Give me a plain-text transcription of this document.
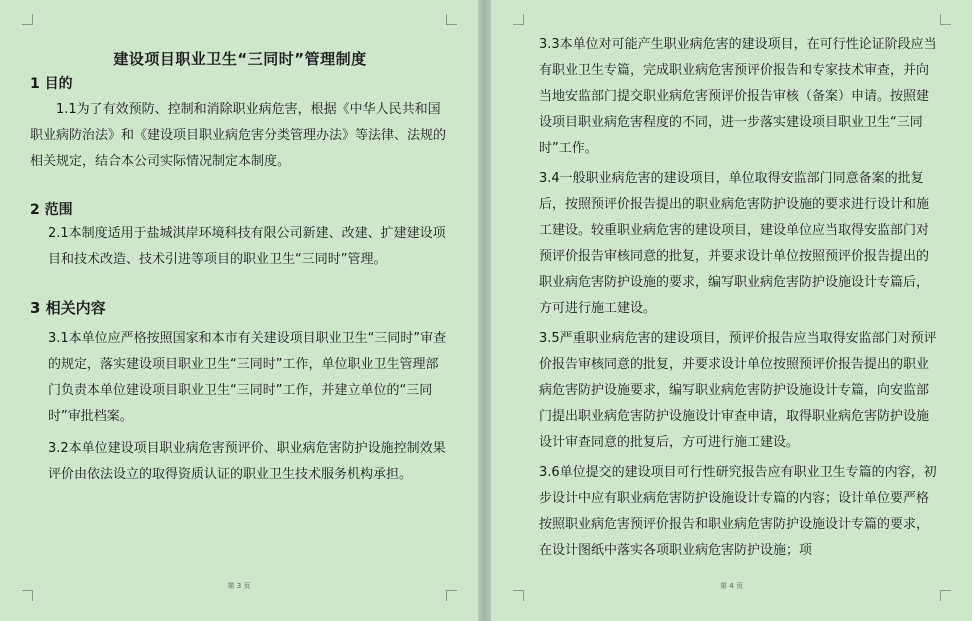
建设项目职业卫生“三同时”管理制度
1 目的

1.1为了有效预防、控制和消除职业病危害，根据《中华人民共和国职业病防治法》和《建设项目职业病危害分类管理办法》等法律、法规的相关规定，结合本公司实际情况制定本制度。

2 范围

2.1本制度适用于盐城淇岸环境科技有限公司新建、改建、扩建建设项目和技术改造、技术引进等项目的职业卫生“三同时”管理。

3 相关内容

3.1本单位应严格按照国家和本市有关建设项目职业卫生“三同时”审查的规定，落实建设项目职业卫生“三同时”工作，单位职业卫生管理部门负责本单位建设项目职业卫生“三同时”工作，并建立单位的“三同时”审批档案。

3.2本单位建设项目职业病危害预评价、职业病危害防护设施控制效果评价由依法设立的取得资质认证的职业卫生技术服务机构承担。

第 3 页

3.3本单位对可能产生职业病危害的建设项目，在可行性论证阶段应当有职业卫生专篇，完成职业病危害预评价报告和专家技术审查，并向当地安监部门提交职业病危害预评价报告审核（备案）申请。按照建设项目职业病危害程度的不同，进一步落实建设项目职业卫生“三同时”工作。

3.4一般职业病危害的建设项目，单位取得安监部门同意备案的批复后，按照预评价报告提出的职业病危害防护设施的要求进行设计和施工建设。较重职业病危害的建设项目，建设单位应当取得安监部门对预评价报告审核同意的批复，并要求设计单位按照预评价报告提出的职业病危害防护设施的要求，编写职业病危害防护设施设计专篇后，方可进行施工建设。

3.5严重职业病危害的建设项目，预评价报告应当取得安监部门对预评价报告审核同意的批复，并要求设计单位按照预评价报告提出的职业病危害防护设施要求，编写职业病危害防护设施设计专篇，向安监部门提出职业病危害防护设施设计审查申请，取得职业病危害防护设施设计审查同意的批复后，方可进行施工建设。

3.6单位提交的建设项目可行性研究报告应有职业卫生专篇的内容，初步设计中应有职业病危害防护设施设计专篇的内容；设计单位要严格按照职业病危害预评价报告和职业病危害防护设施设计专篇的要求，在设计图纸中落实各项职业病危害防护设施；项

第 4 页
